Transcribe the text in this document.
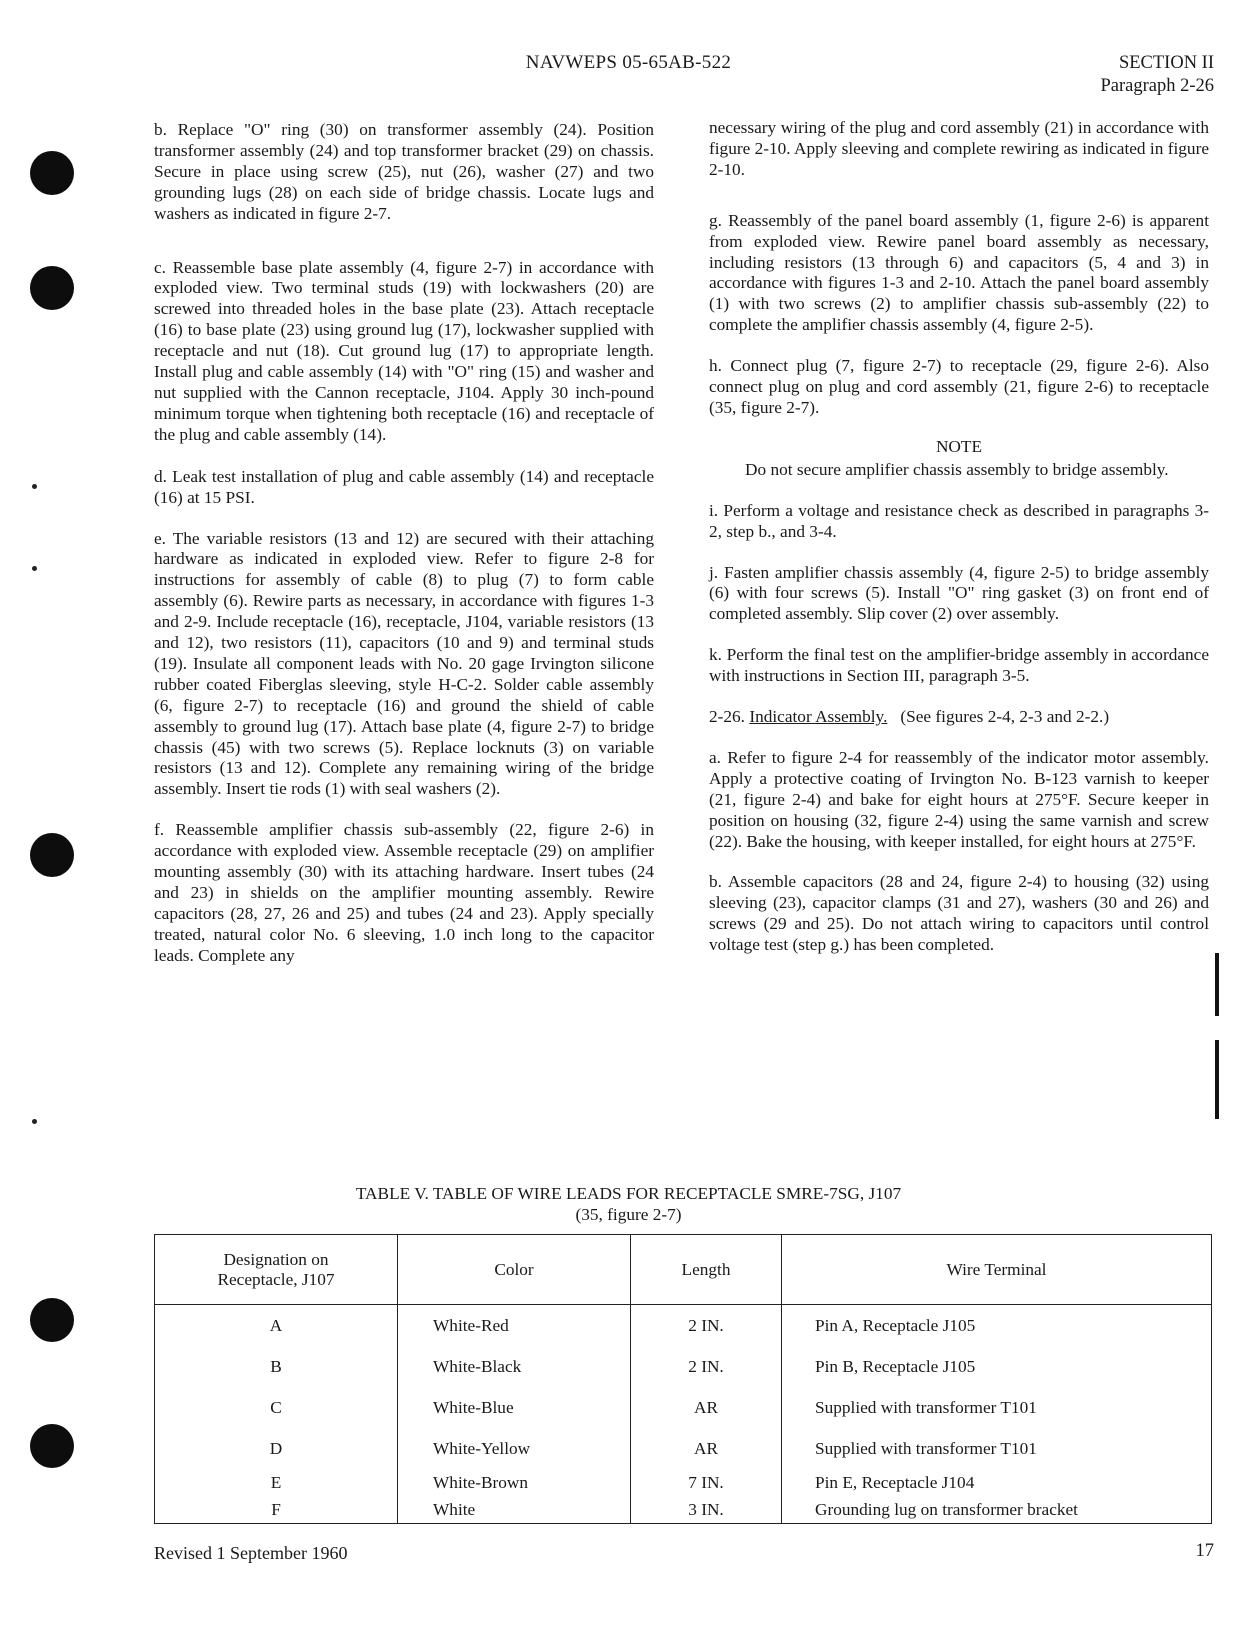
NAVWEPS 05-65AB-522	SECTION II
Paragraph 2-26

b. Replace "O" ring (30) on transformer assembly (24). Position transformer assembly (24) and top transformer bracket (29) on chassis. Secure in place using screw (25), nut (26), washer (27) and two grounding lugs (28) on each side of bridge chassis. Locate lugs and washers as indicated in figure 2-7.

c. Reassemble base plate assembly (4, figure 2-7) in accordance with exploded view. Two terminal studs (19) with lockwashers (20) are screwed into threaded holes in the base plate (23). Attach receptacle (16) to base plate (23) using ground lug (17), lockwasher supplied with receptacle and nut (18). Cut ground lug (17) to appropriate length. Install plug and cable assembly (14) with "O" ring (15) and washer and nut supplied with the Cannon receptacle, J104. Apply 30 inch-pound minimum torque when tightening both receptacle (16) and receptacle of the plug and cable assembly (14).

d. Leak test installation of plug and cable assembly (14) and receptacle (16) at 15 PSI.

e. The variable resistors (13 and 12) are secured with their attaching hardware as indicated in exploded view. Refer to figure 2-8 for instructions for assembly of cable (8) to plug (7) to form cable assembly (6). Rewire parts as necessary, in accordance with figures 1-3 and 2-9. Include receptacle (16), receptacle, J104, variable resistors (13 and 12), two resistors (11), capacitors (10 and 9) and terminal studs (19). Insulate all component leads with No. 20 gage Irvington silicone rubber coated Fiberglas sleeving, style H-C-2. Solder cable assembly (6, figure 2-7) to receptacle (16) and ground the shield of cable assembly to ground lug (17). Attach base plate (4, figure 2-7) to bridge chassis (45) with two screws (5). Replace locknuts (3) on variable resistors (13 and 12). Complete any remaining wiring of the bridge assembly. Insert tie rods (1) with seal washers (2).

f. Reassemble amplifier chassis sub-assembly (22, figure 2-6) in accordance with exploded view. Assemble receptacle (29) on amplifier mounting assembly (30) with its attaching hardware. Insert tubes (24 and 23) in shields on the amplifier mounting assembly. Rewire capacitors (28, 27, 26 and 25) and tubes (24 and 23). Apply specially treated, natural color No. 6 sleeving, 1.0 inch long to the capacitor leads. Complete any

necessary wiring of the plug and cord assembly (21) in accordance with figure 2-10. Apply sleeving and complete rewiring as indicated in figure 2-10.

g. Reassembly of the panel board assembly (1, figure 2-6) is apparent from exploded view. Rewire panel board assembly as necessary, including resistors (13 through 6) and capacitors (5, 4 and 3) in accordance with figures 1-3 and 2-10. Attach the panel board assembly (1) with two screws (2) to amplifier chassis sub-assembly (22) to complete the amplifier chassis assembly (4, figure 2-5).

h. Connect plug (7, figure 2-7) to receptacle (29, figure 2-6). Also connect plug on plug and cord assembly (21, figure 2-6) to receptacle (35, figure 2-7).

NOTE

Do not secure amplifier chassis assembly to bridge assembly.

i. Perform a voltage and resistance check as described in paragraphs 3-2, step b., and 3-4.

j. Fasten amplifier chassis assembly (4, figure 2-5) to bridge assembly (6) with four screws (5). Install "O" ring gasket (3) on front end of completed assembly. Slip cover (2) over assembly.

k. Perform the final test on the amplifier-bridge assembly in accordance with instructions in Section III, paragraph 3-5.

2-26. Indicator Assembly. (See figures 2-4, 2-3 and 2-2.)

a. Refer to figure 2-4 for reassembly of the indicator motor assembly. Apply a protective coating of Irvington No. B-123 varnish to keeper (21, figure 2-4) and bake for eight hours at 275°F. Secure keeper in position on housing (32, figure 2-4) using the same varnish and screw (22). Bake the housing, with keeper installed, for eight hours at 275°F.

b. Assemble capacitors (28 and 24, figure 2-4) to housing (32) using sleeving (23), capacitor clamps (31 and 27), washers (30 and 26) and screws (29 and 25). Do not attach wiring to capacitors until control voltage test (step g.) has been completed.

TABLE V. TABLE OF WIRE LEADS FOR RECEPTACLE SMRE-7SG, J107
(35, figure 2-7)
Designation on
Receptacle, J107	Color	Length	Wire Terminal
A	White-Red	2 IN.	Pin A, Receptacle J105
B	White-Black	2 IN.	Pin B, Receptacle J105
C	White-Blue	AR	Supplied with transformer T101
D	White-Yellow	AR	Supplied with transformer T101
E	White-Brown	7 IN.	Pin E, Receptacle J104
F	White	3 IN.	Grounding lug on transformer bracket
Revised 1 September 1960	17
